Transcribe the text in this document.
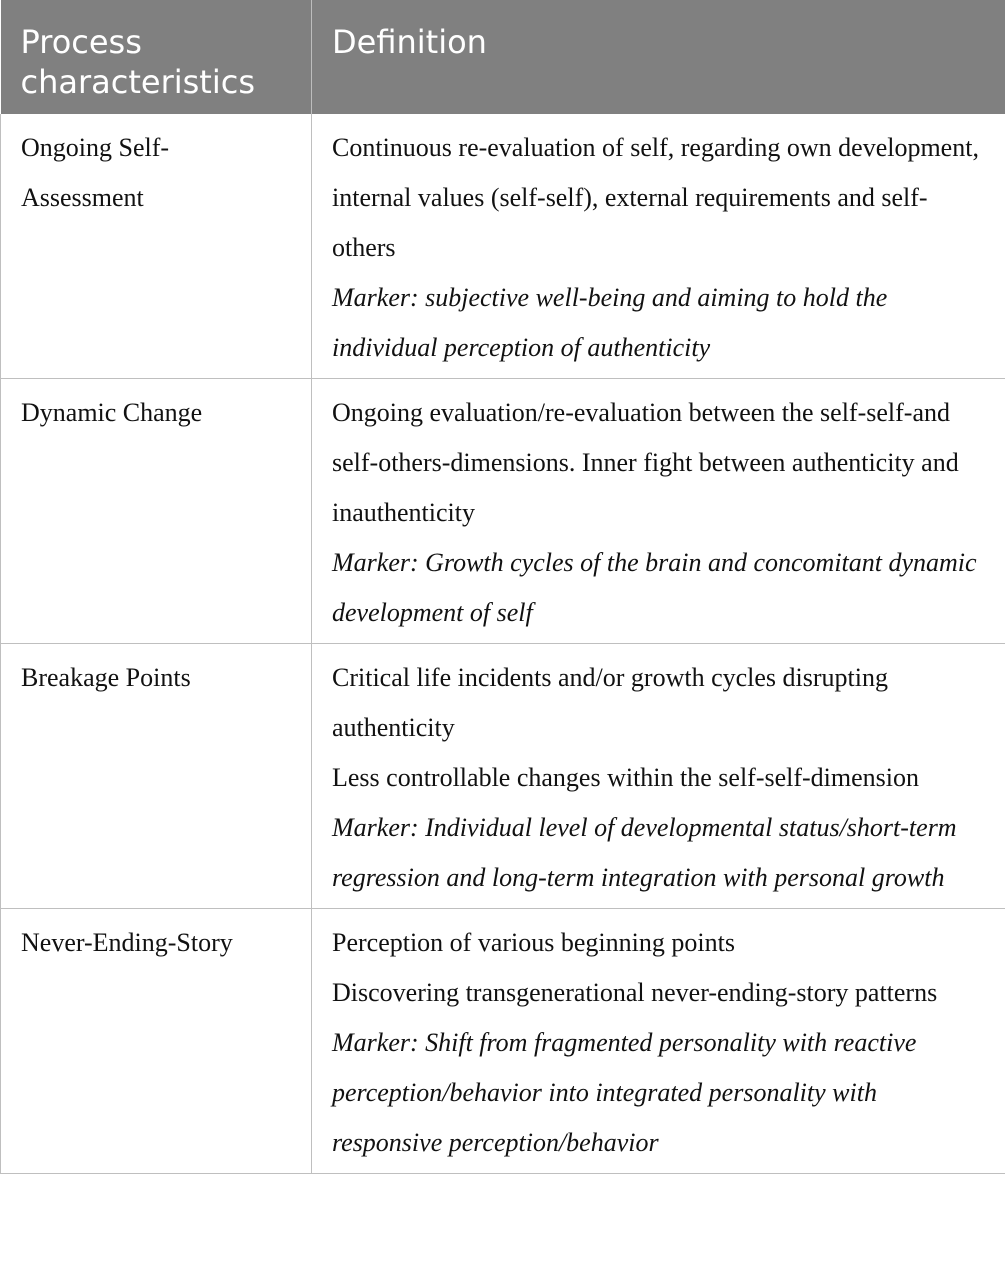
Process characteristics	Definition
Ongoing Self-Assessment	Continuous re-evaluation of self, regarding own development, internal values (self-self), external requirements and self-others
Marker: subjective well-being and aiming to hold the individual perception of authenticity

Dynamic Change	Ongoing evaluation/re-evaluation between the self-self-and self-others-dimensions. Inner fight between authenticity and inauthenticity
Marker: Growth cycles of the brain and concomitant dynamic development of self

Breakage Points	Critical life incidents and/or growth cycles disrupting authenticity
Less controllable changes within the self-self-dimension
Marker: Individual level of developmental status/short-term regression and long-term integration with personal growth

Never-Ending-Story	Perception of various beginning points
Discovering transgenerational never-ending-story patterns
Marker: Shift from fragmented personality with reactive perception/behavior into integrated personality with responsive perception/behavior
